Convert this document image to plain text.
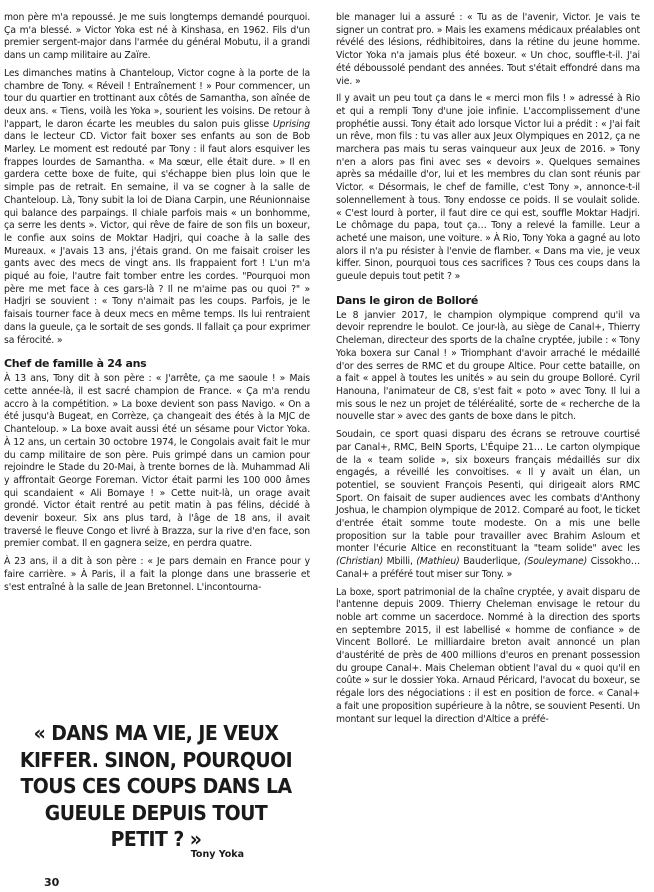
mon père m'a repoussé. Je me suis longtemps demandé pourquoi. Ça m'a blessé. » Victor Yoka est né à Kinshasa, en 1962. Fils d'un premier sergent-major dans l'armée du général Mobutu, il a grandi dans un camp militaire au Zaïre.

Les dimanches matins à Chanteloup, Victor cogne à la porte de la chambre de Tony. « Réveil ! Entraînement ! » Pour commencer, un tour du quartier en trottinant aux côtés de Samantha, son aînée de deux ans. « Tiens, voilà les Yoka », sourient les voisins. De retour à l'appart, le daron écarte les meubles du salon puis glisse Uprising dans le lecteur CD. Victor fait boxer ses enfants au son de Bob Marley. Le moment est redouté par Tony : il faut alors esquiver les frappes lourdes de Samantha. « Ma sœur, elle était dure. » Il en gardera cette boxe de fuite, qui s'échappe bien plus loin que le simple pas de retrait. En semaine, il va se cogner à la salle de Chanteloup. Là, Tony subit la loi de Diana Carpin, une Réunionnaise qui balance des parpaings. Il chiale parfois mais « un bonhomme, ça serre les dents ». Victor, qui rêve de faire de son fils un boxeur, le confie aux soins de Moktar Hadjri, qui coache à la salle des Mureaux. « J'avais 13 ans, j'étais grand. On me faisait croiser les gants avec des mecs de vingt ans. Ils frappaient fort ! L'un m'a piqué au foie, l'autre fait tomber entre les cordes. "Pourquoi mon père me met face à ces gars-là ? Il ne m'aime pas ou quoi ?" » Hadjri se souvient : « Tony n'aimait pas les coups. Parfois, je le faisais tourner face à deux mecs en même temps. Ils lui rentraient dans la gueule, ça le sortait de ses gonds. Il fallait ça pour exprimer sa férocité. »

Chef de famille à 24 ans

À 13 ans, Tony dit à son père : « J'arrête, ça me saoule ! » Mais cette année-là, il est sacré champion de France. « Ça m'a rendu accro à la compétition. » La boxe devient son pass Navigo. « On a été jusqu'à Bugeat, en Corrèze, ça changeait des étés à la MJC de Chanteloup. » La boxe avait aussi été un sésame pour Victor Yoka. À 12 ans, un certain 30 octobre 1974, le Congolais avait fait le mur du camp militaire de son père. Puis grimpé dans un camion pour rejoindre le Stade du 20-Mai, à trente bornes de là. Muhammad Ali y affrontait George Foreman. Victor était parmi les 100 000 âmes qui scandaient « Ali Bomaye ! » Cette nuit-là, un orage avait grondé. Victor était rentré au petit matin à pas félins, décidé à devenir boxeur. Six ans plus tard, à l'âge de 18 ans, il avait traversé le fleuve Congo et livré à Brazza, sur la rive d'en face, son premier combat. Il en gagnera seize, en perdra quatre.

À 23 ans, il a dit à son père : « Je pars demain en France pour y faire carrière. » À Paris, il a fait la plonge dans une brasserie et s'est entraîné à la salle de Jean Bretonnel. L'incontourna-

« DANS MA VIE, JE VEUX KIFFER. SINON, POURQUOI TOUS CES COUPS DANS LA GUEULE DEPUIS TOUT PETIT ? »

Tony Yoka

ble manager lui a assuré : « Tu as de l'avenir, Victor. Je vais te signer un contrat pro. » Mais les examens médicaux préalables ont révélé des lésions, rédhibitoires, dans la rétine du jeune homme. Victor Yoka n'a jamais plus été boxeur. « Un choc, souffle-t-il. J'ai été déboussolé pendant des années. Tout s'était effondré dans ma vie. »

Il y avait un peu tout ça dans le « merci mon fils ! » adressé à Rio et qui a rempli Tony d'une joie infinie. L'accomplissement d'une prophétie aussi. Tony était ado lorsque Victor lui a prédit : « J'ai fait un rêve, mon fils : tu vas aller aux Jeux Olympiques en 2012, ça ne marchera pas mais tu seras vainqueur aux Jeux de 2016. » Tony n'en a alors pas fini avec ses « devoirs ». Quelques semaines après sa médaille d'or, lui et les membres du clan sont réunis par Victor. « Désormais, le chef de famille, c'est Tony », annonce-t-il solennellement à tous. Tony endosse ce poids. Il se voulait solide. « C'est lourd à porter, il faut dire ce qui est, souffle Moktar Hadjri. Le chômage du papa, tout ça… Tony a relevé la famille. Leur a acheté une maison, une voiture. » À Rio, Tony Yoka a gagné au loto alors il n'a pu résister à l'envie de flamber. « Dans ma vie, je veux kiffer. Sinon, pourquoi tous ces sacrifices ? Tous ces coups dans la gueule depuis tout petit ? »

Dans le giron de Bolloré

Le 8 janvier 2017, le champion olympique comprend qu'il va devoir reprendre le boulot. Ce jour-là, au siège de Canal+, Thierry Cheleman, directeur des sports de la chaîne cryptée, jubile : « Tony Yoka boxera sur Canal ! » Triomphant d'avoir arraché le médaillé d'or des serres de RMC et du groupe Altice. Pour cette bataille, on a fait « appel à toutes les unités » au sein du groupe Bolloré. Cyril Hanouna, l'animateur de C8, s'est fait « poto » avec Tony. Il lui a mis sous le nez un projet de téléréalité, sorte de « recherche de la nouvelle star » avec des gants de boxe dans le pitch.

Soudain, ce sport quasi disparu des écrans se retrouve courtisé par Canal+, RMC, BeIN Sports, L'Équipe 21… Le carton olympique de la « team solide », six boxeurs français médaillés sur dix engagés, a réveillé les convoitises. « Il y avait un élan, un potentiel, se souvient François Pesenti, qui dirigeait alors RMC Sport. On faisait de super audiences avec les combats d'Anthony Joshua, le champion olympique de 2012. Comparé au foot, le ticket d'entrée était somme toute modeste. On a mis une belle proposition sur la table pour travailler avec Brahim Asloum et monter l'écurie Altice en reconstituant la "team solide" avec les (Christian) Mbilli, (Mathieu) Bauderlique, (Souleymane) Cissokho… Canal+ a préféré tout miser sur Tony. »

La boxe, sport patrimonial de la chaîne cryptée, y avait disparu de l'antenne depuis 2009. Thierry Cheleman envisage le retour du noble art comme un sacerdoce. Nommé à la direction des sports en septembre 2015, il est labellisé « homme de confiance » de Vincent Bolloré. Le milliardaire breton avait annoncé un plan d'austérité de près de 400 millions d'euros en prenant possession du groupe Canal+. Mais Cheleman obtient l'aval du « quoi qu'il en coûte » sur le dossier Yoka. Arnaud Péricard, l'avocat du boxeur, se régale lors des négociations : il est en position de force. « Canal+ a fait une proposition supérieure à la nôtre, se souvient Pesenti. Un montant sur lequel la direction d'Altice a préfé-

30
